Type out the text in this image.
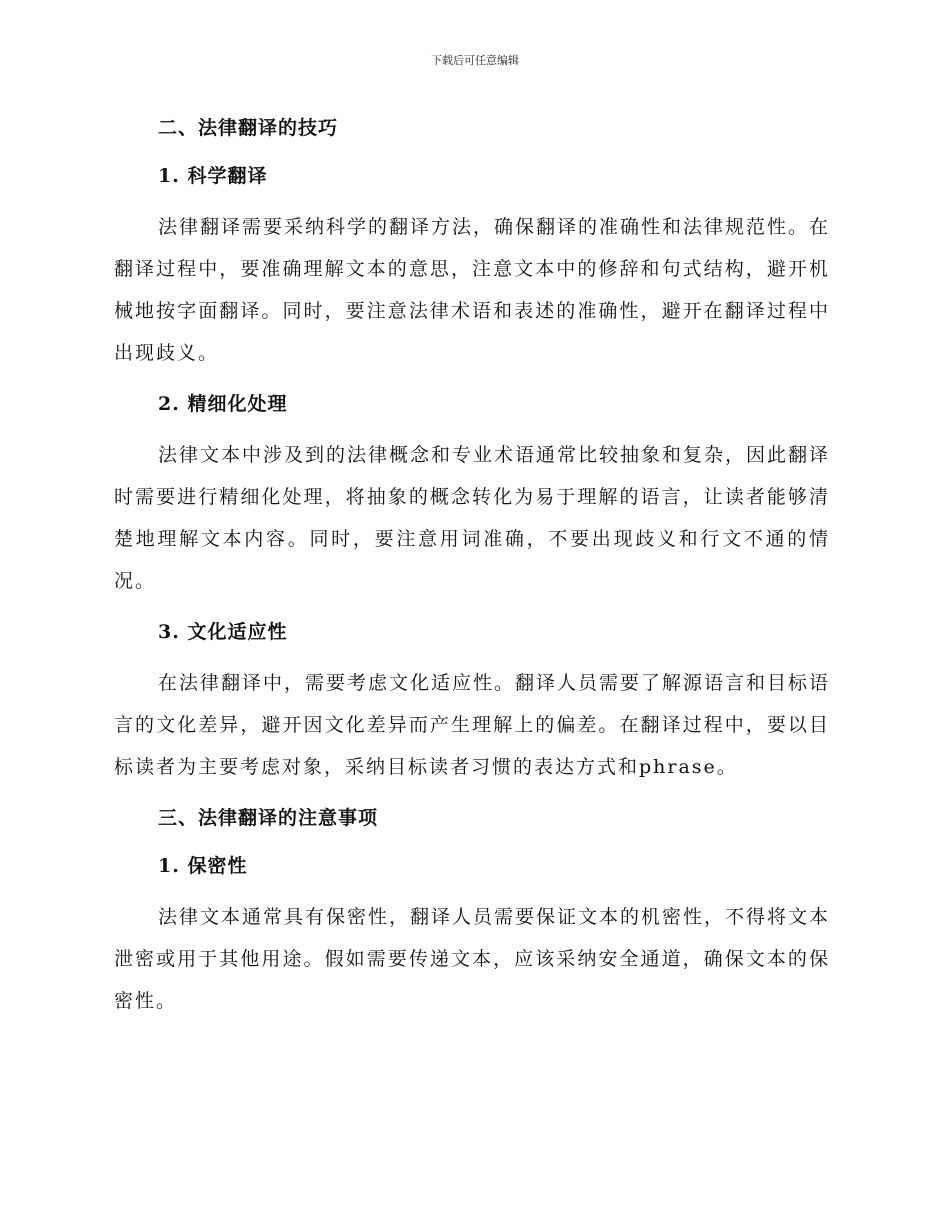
下载后可任意编辑
二、法律翻译的技巧
1. 科学翻译

法律翻译需要采纳科学的翻译方法，确保翻译的准确性和法律规范性。在翻译过程中，要准确理解文本的意思，注意文本中的修辞和句式结构，避开机械地按字面翻译。同时，要注意法律术语和表述的准确性，避开在翻译过程中出现歧义。

2. 精细化处理

法律文本中涉及到的法律概念和专业术语通常比较抽象和复杂，因此翻译时需要进行精细化处理，将抽象的概念转化为易于理解的语言，让读者能够清楚地理解文本内容。同时，要注意用词准确，不要出现歧义和行文不通的情况。

3. 文化适应性

在法律翻译中，需要考虑文化适应性。翻译人员需要了解源语言和目标语言的文化差异，避开因文化差异而产生理解上的偏差。在翻译过程中，要以目标读者为主要考虑对象，采纳目标读者习惯的表达方式和phrase。

三、法律翻译的注意事项
1. 保密性

法律文本通常具有保密性，翻译人员需要保证文本的机密性，不得将文本泄密或用于其他用途。假如需要传递文本，应该采纳安全通道，确保文本的保密性。
